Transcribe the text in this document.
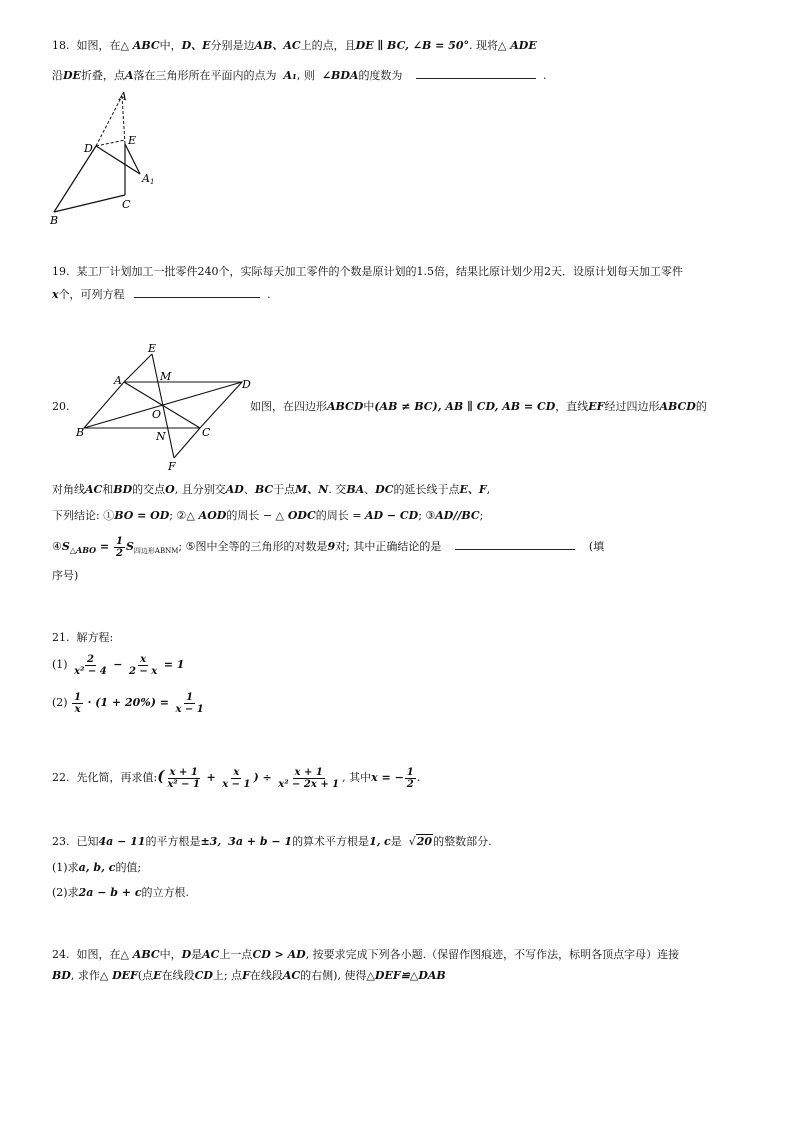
18. 如图，在△ ABC中，D、E分别是边AB、AC上的点，且DE ∥ BC, ∠B = 50°. 现将△ ADE
沿DE折叠，点A落在三角形所在平面内的点为 A₁, 则 ∠BDA的度数为	.
A
E
D
A1
C
B
19. 某工厂计划加工一批零件240个，实际每天加工零件的个数是原计划的1.5倍，结果比原计划少用2天．设原计划每天加工零件
x个，可列方程	.
E
A	M
D
O
B	N	C
F
20.	如图，在四边形ABCD中(AB ≠ BC), AB ∥ CD, AB = CD，直线EF经过四边形ABCD的
对角线AC和BD的交点O, 且分别交AD、BC于点M、N. 交BA、DC的延长线于点E、F,
下列结论: ①BO = OD; ②△ AOD的周长 − △ ODC的周长 = AD − CD; ③AD//BC;
$④S_{\triangle ABO} = \frac{1}{2} S_{四边形ABNM}$; ⑤图中全等的三角形的对数是9对; 其中正确结论的是	(填
序号)
21. 解方程:
$(1) \frac{2}{\text{x² − 4}} - \frac{x}{2 - x} = 1$
$(2) \frac{1}{x} \cdot (1 + 20\%) = \frac{1}{x - 1}$
22. 先化简，再求值:( $\frac{x + 1}{\text{x² − 1}} + \frac{x}{x - 1}$ ) ÷ $\frac{x + 1}{\text{x² − 2x + 1}}$ , 其中x = − $\frac{1}{2}$ .
23. 已知4a − 11的平方根是±3, 3a + b − 1的算术平方根是1, c是  √20的整数部分.
(1)求a, b, c的值;
(2)求2a − b + c的立方根.
24. 如图，在△ ABC中，D是AC上一点CD > AD, 按要求完成下列各小题.（保留作图痕迹，不写作法，标明各顶点字母）连接
BD, 求作△ DEF(点E在线段CD上; 点F在线段AC的右侧), 使得△DEF≌△DAB
